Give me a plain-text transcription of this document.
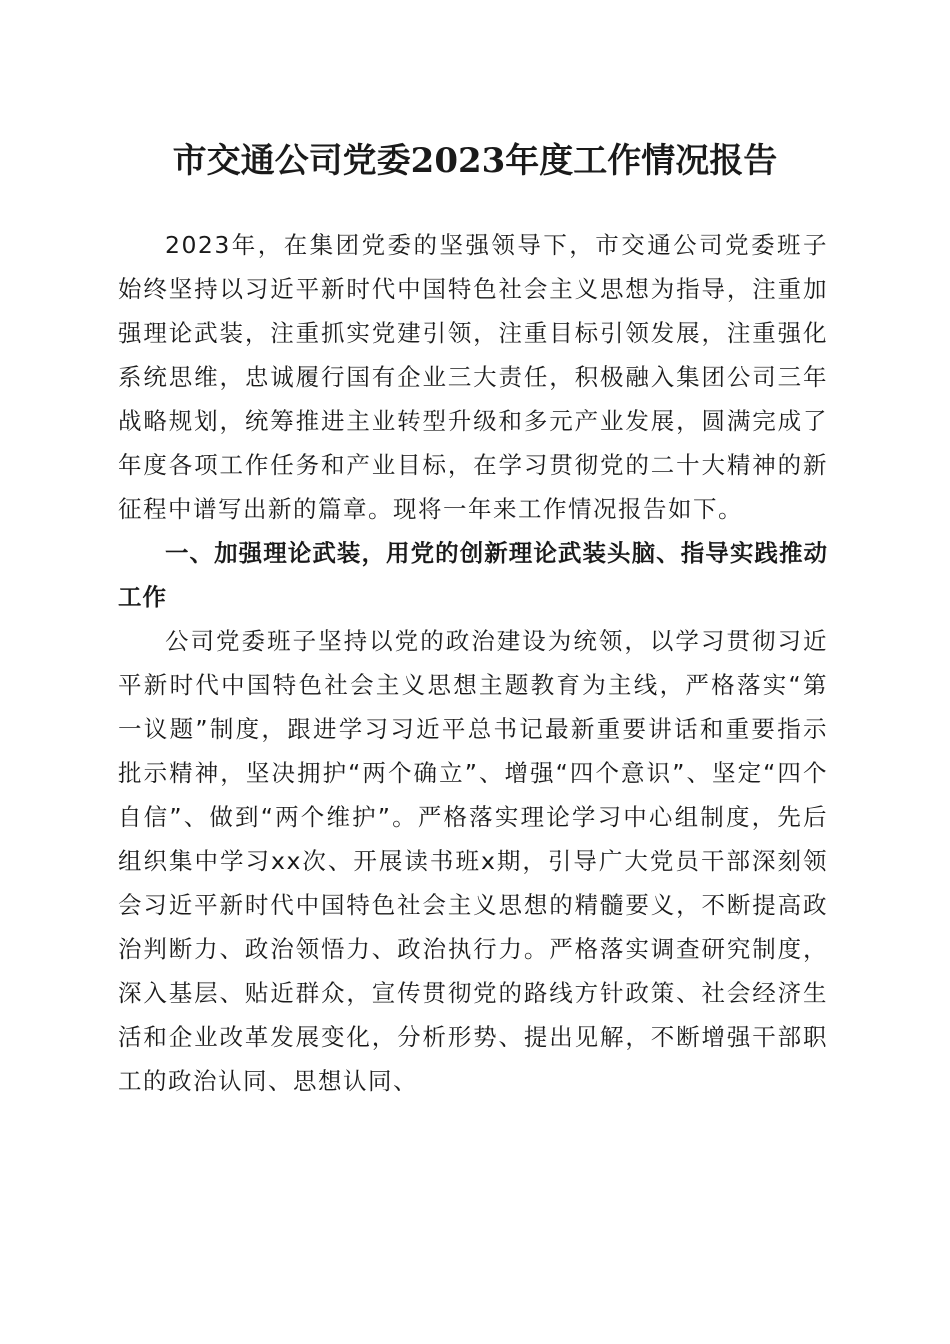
市交通公司党委2023年度工作情况报告

2023年，在集团党委的坚强领导下，市交通公司党委班子始终坚持以习近平新时代中国特色社会主义思想为指导，注重加强理论武装，注重抓实党建引领，注重目标引领发展，注重强化系统思维，忠诚履行国有企业三大责任，积极融入集团公司三年战略规划，统筹推进主业转型升级和多元产业发展，圆满完成了年度各项工作任务和产业目标，在学习贯彻党的二十大精神的新征程中谱写出新的篇章。现将一年来工作情况报告如下。

一、加强理论武装，用党的创新理论武装头脑、指导实践推动工作

公司党委班子坚持以党的政治建设为统领，以学习贯彻习近平新时代中国特色社会主义思想主题教育为主线，严格落实“第一议题”制度，跟进学习习近平总书记最新重要讲话和重要指示批示精神，坚决拥护“两个确立”、增强“四个意识”、坚定“四个自信”、做到“两个维护”。严格落实理论学习中心组制度，先后组织集中学习xx次、开展读书班x期，引导广大党员干部深刻领会习近平新时代中国特色社会主义思想的精髓要义，不断提高政治判断力、政治领悟力、政治执行力。严格落实调查研究制度，深入基层、贴近群众，宣传贯彻党的路线方针政策、社会经济生活和企业改革发展变化，分析形势、提出见解，不断增强干部职工的政治认同、思想认同、
